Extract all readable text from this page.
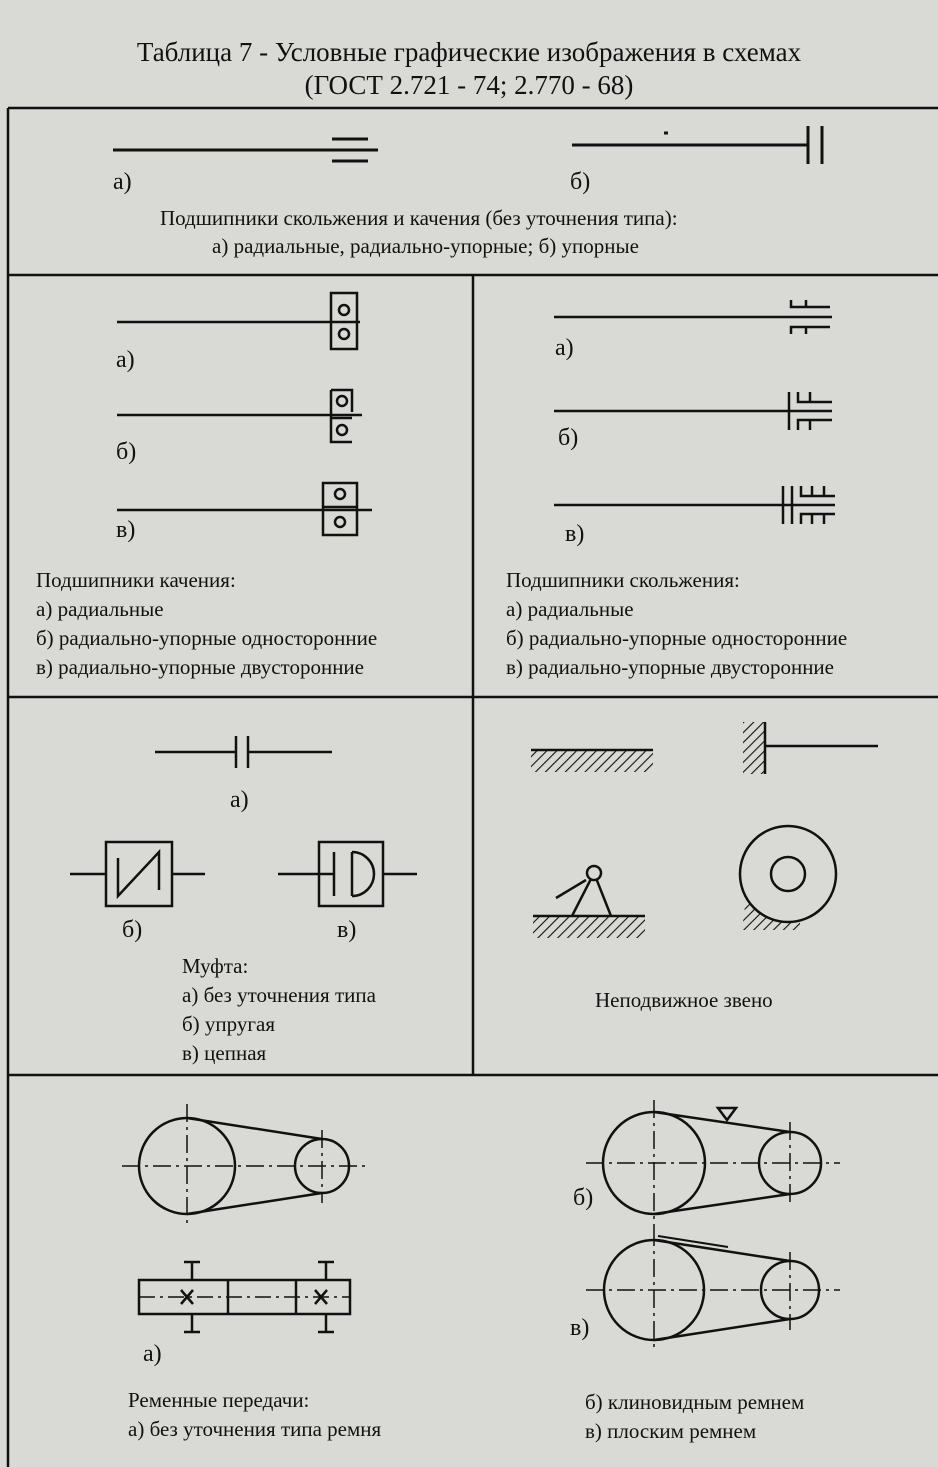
Таблица 7 - Условные графические изображения в схемах
(ГОСТ 2.721 - 74; 2.770 - 68)
а)	б)
Подшипники скольжения и качения (без уточнения типа):
а) радиальные, радиально-упорные; б) упорные
а)
б)
в)
Подшипники качения:
а) радиальные
б) радиально-упорные односторонние
в) радиально-упорные двусторонние
а)
б)
в)
Подшипники скольжения:
а) радиальные
б) радиально-упорные односторонние
в) радиально-упорные двусторонние
а)
б)	в)
Муфта:
а) без уточнения типа
б) упругая
в) цепная
Неподвижное звено
а)
б)
в)
Ременные передачи:
а) без уточнения типа ремня
б) клиновидным ремнем
в) плоским ремнем
